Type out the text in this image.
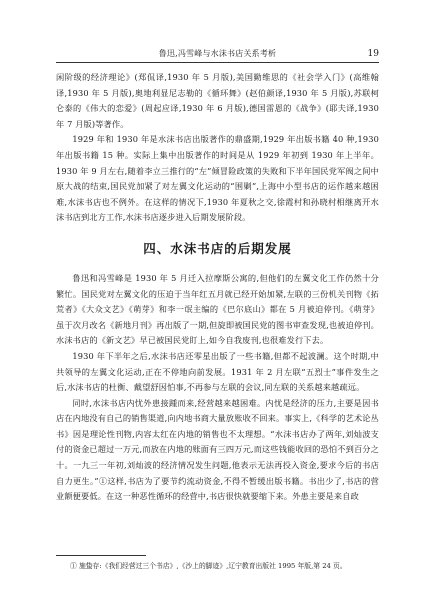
鲁迅,冯雪峰与水沫书店关系考析	19

闲阶级的经济理论》(郑侃译,1930 年 5 月版),美国勤维思的《社会学入门》(高维翰译,1930 年 5 月版),奥地利显尼志勒的《循环舞》(赵伯颜译,1930 年 5 月版),苏联柯仑泰的《伟大的恋爱》(周起应译,1930 年 6 月版),德国雷恩的《战争》(耶夫译,1930 年 7 月版)等著作。

1929 年和 1930 年是水沫书店出版著作的鼎盛期,1929 年出版书籍 40 种,1930 年出版书籍 15 种。实际上集中出版著作的时间是从 1929 年初到 1930 年上半年。1930 年 9 月左右,随着李立三推行的“左”倾冒险政策的失败和下半年国民党军阀之间中原大战的结束,国民党加紧了对左翼文化运动的“围剿”,上海中小型书店的运作越来越困难,水沫书店也不例外。在这样的情况下,1930 年夏秋之交,徐霞村和孙晓村相继离开水沫书店到北方工作,水沫书店逐步进入后期发展阶段。

四、水沫书店的后期发展

鲁迅和冯雪峰是 1930 年 5 月迁入拉摩斯公寓的,但他们的左翼文化工作仍然十分繁忙。国民党对左翼文化的压迫于当年红五月就已经开始加紧,左联的三份机关刊物《拓荒者》《大众文艺》《萌芽》和李一氓主编的《巴尔底山》都在 5 月被迫停刊。《萌芽》虽于次月改名《新地月刊》再出版了一期,但旋即被国民党的图书审查发现,也被迫停刊。水沫书店的《新文艺》早已被国民党盯上,如今自我废刊,也很难发行下去。

1930 年下半年之后,水沫书店还零星出版了一些书籍,但都不起波澜。这个时期,中共领导的左翼文化运动,正在不停地向前发展。1931 年 2 月左联“五烈士”事件发生之后,水沫书店的杜衡、戴望舒因怕事,不再参与左联的会议,同左联的关系越来越疏远。

同时,水沫书店内忧外患接踵而来,经营越来越困难。内忧是经济的压力,主要是因书店在内地没有自己的销售渠道,向内地书商大量放账收不回来。事实上,《科学的艺术论丛书》因是理论性刊物,内容太红在内地的销售也不太理想。“水沫书店办了两年,刘灿波支付的资金已超过一万元,而放在内地的账面有三四万元,而这些钱能收回的恐怕不到百分之十。一九三一年初,刘灿波的经济情况发生问题,他表示无法再投入资金,要求今后的书店自力更生。”①这样,书店为了要节约流动资金,不得不暂缓出版书籍。书出少了,书店的营业额便要低。在这一种恶性循环的经营中,书店很快就要缩下来。外患主要是来自政

① 施蛰存:《我们经营过三个书店》,《沙上的脚迹》,辽宁教育出版社 1995 年版,第 24 页。
